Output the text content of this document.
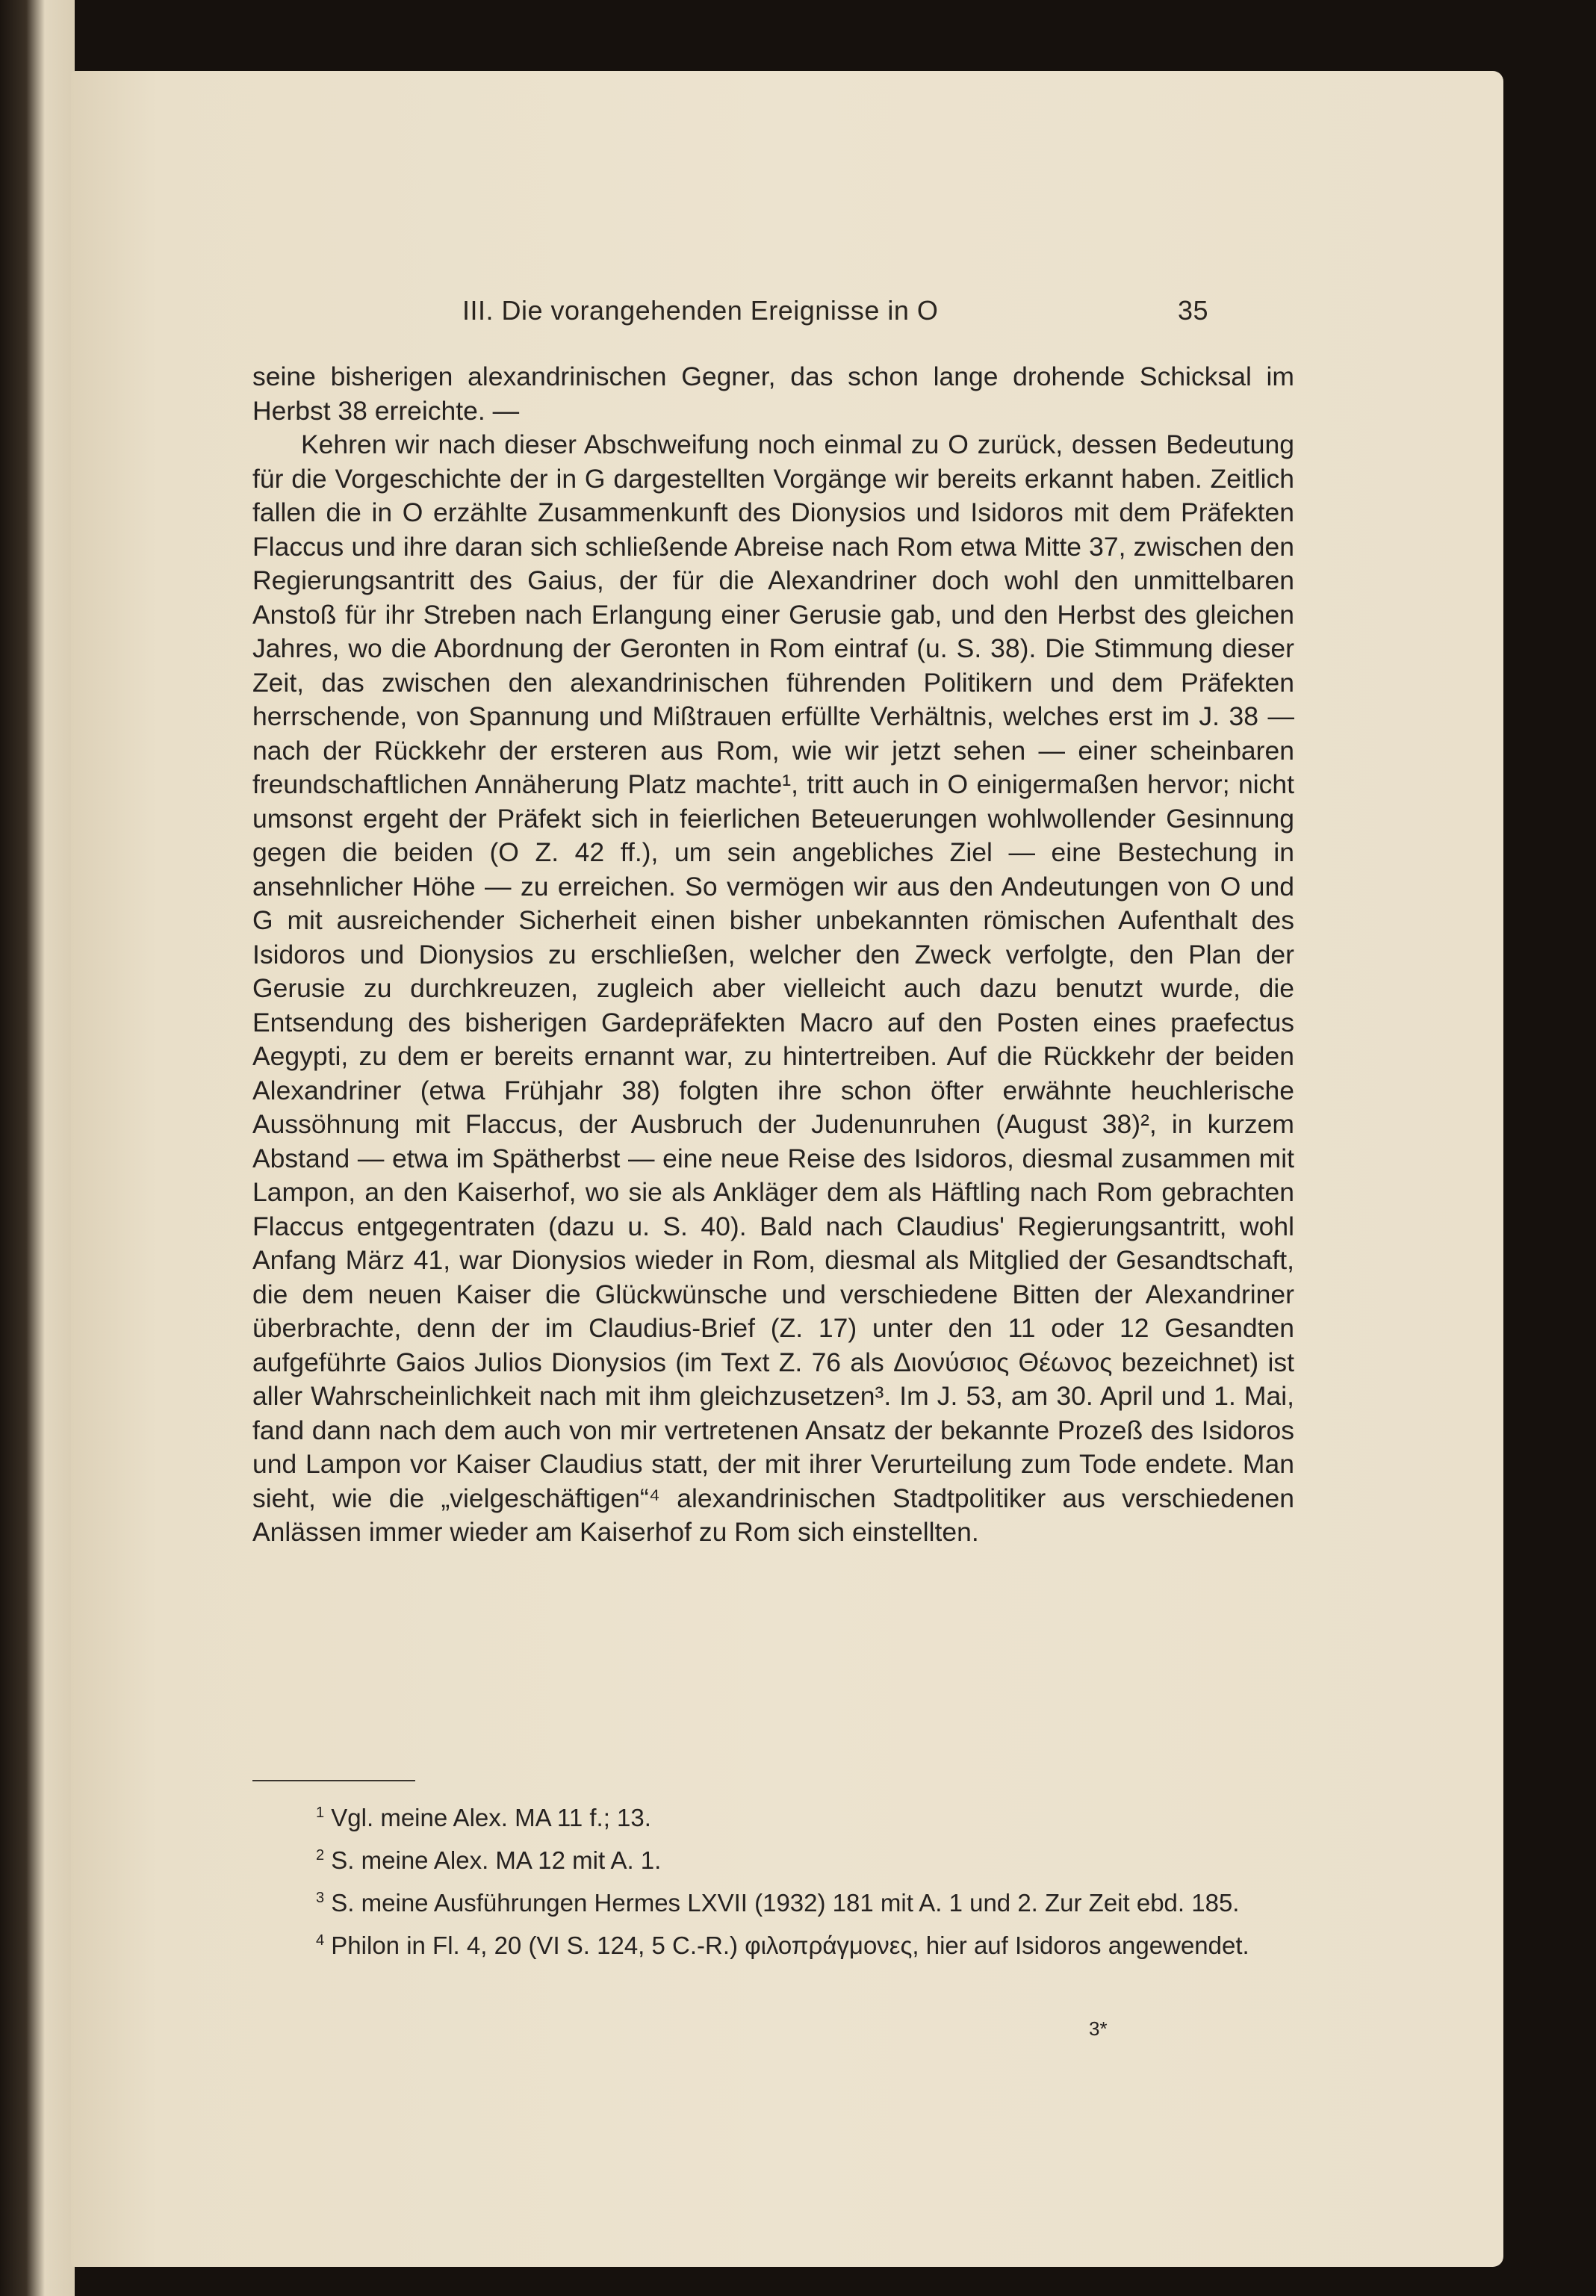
III. Die vorangehenden Ereignisse in O	35

seine bisherigen alexandrinischen Gegner, das schon lange drohende Schicksal im Herbst 38 erreichte. —

Kehren wir nach dieser Abschweifung noch einmal zu O zurück, dessen Bedeutung für die Vorgeschichte der in G dargestellten Vorgänge wir bereits erkannt haben. Zeitlich fallen die in O erzählte Zusammenkunft des Dionysios und Isidoros mit dem Präfekten Flaccus und ihre daran sich schließende Abreise nach Rom etwa Mitte 37, zwischen den Regierungsantritt des Gaius, der für die Alexandriner doch wohl den unmittelbaren Anstoß für ihr Streben nach Erlangung einer Gerusie gab, und den Herbst des gleichen Jahres, wo die Abordnung der Geronten in Rom eintraf (u. S. 38). Die Stimmung dieser Zeit, das zwischen den alexandrinischen führenden Politikern und dem Präfekten herrschende, von Spannung und Mißtrauen erfüllte Verhältnis, welches erst im J. 38 — nach der Rückkehr der ersteren aus Rom, wie wir jetzt sehen — einer scheinbaren freundschaftlichen Annäherung Platz machte¹, tritt auch in O einigermaßen hervor; nicht umsonst ergeht der Präfekt sich in feierlichen Beteuerungen wohlwollender Gesinnung gegen die beiden (O Z. 42 ff.), um sein angebliches Ziel — eine Bestechung in ansehnlicher Höhe — zu erreichen. So vermögen wir aus den Andeutungen von O und G mit ausreichender Sicherheit einen bisher unbekannten römischen Aufenthalt des Isidoros und Dionysios zu erschließen, welcher den Zweck verfolgte, den Plan der Gerusie zu durchkreuzen, zugleich aber vielleicht auch dazu benutzt wurde, die Entsendung des bisherigen Gardepräfekten Macro auf den Posten eines praefectus Aegypti, zu dem er bereits ernannt war, zu hintertreiben. Auf die Rückkehr der beiden Alexandriner (etwa Frühjahr 38) folgten ihre schon öfter erwähnte heuchlerische Aussöhnung mit Flaccus, der Ausbruch der Judenunruhen (August 38)², in kurzem Abstand — etwa im Spätherbst — eine neue Reise des Isidoros, diesmal zusammen mit Lampon, an den Kaiserhof, wo sie als Ankläger dem als Häftling nach Rom gebrachten Flaccus entgegentraten (dazu u. S. 40). Bald nach Claudius' Regierungsantritt, wohl Anfang März 41, war Dionysios wieder in Rom, diesmal als Mitglied der Gesandtschaft, die dem neuen Kaiser die Glückwünsche und verschiedene Bitten der Alexandriner überbrachte, denn der im Claudius-Brief (Z. 17) unter den 11 oder 12 Gesandten aufgeführte Gaios Julios Dionysios (im Text Z. 76 als Διονύσιος Θέωνος bezeichnet) ist aller Wahrscheinlichkeit nach mit ihm gleichzusetzen³. Im J. 53, am 30. April und 1. Mai, fand dann nach dem auch von mir vertretenen Ansatz der bekannte Prozeß des Isidoros und Lampon vor Kaiser Claudius statt, der mit ihrer Verurteilung zum Tode endete. Man sieht, wie die „vielgeschäftigen“⁴ alexandrinischen Stadtpolitiker aus verschiedenen Anlässen immer wieder am Kaiserhof zu Rom sich einstellten.

$^1$ Vgl. meine Alex. MA 11 f.; 13.

$^2$ S. meine Alex. MA 12 mit A. 1.

$^3$ S. meine Ausführungen Hermes LXVII (1932) 181 mit A. 1 und 2. Zur Zeit ebd. 185.

$^4$ Philon in Fl. 4, 20 (VI S. 124, 5 C.-R.) φιλοπράγμονες, hier auf Isidoros angewendet.

3*
